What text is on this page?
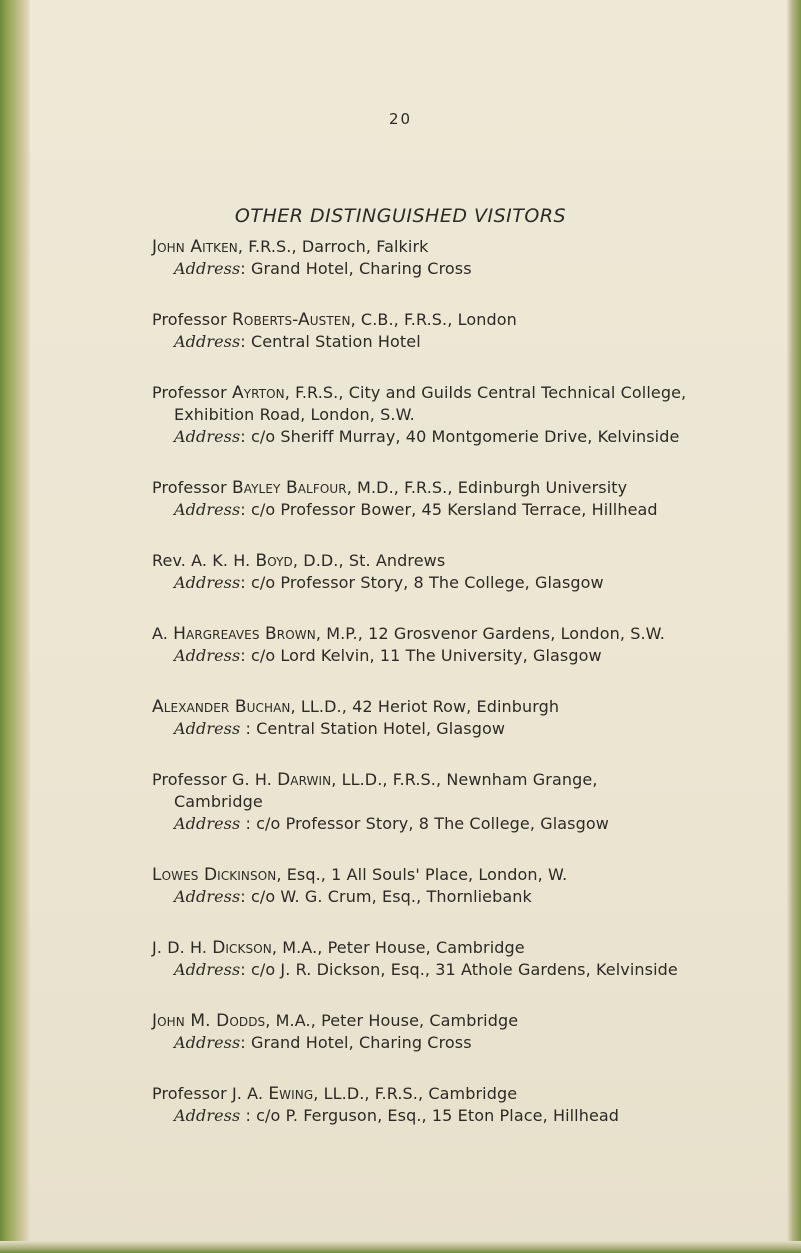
20
OTHER DISTINGUISHED VISITORS
John Aitken, F.R.S., Darroch, Falkirk
Address: Grand Hotel, Charing Cross
Professor Roberts-Austen, C.B., F.R.S., London
Address: Central Station Hotel
Professor Ayrton, F.R.S., City and Guilds Central Technical College,
Exhibition Road, London, S.W.
Address: c/o Sheriff Murray, 40 Montgomerie Drive, Kelvinside
Professor Bayley Balfour, M.D., F.R.S., Edinburgh University
Address: c/o Professor Bower, 45 Kersland Terrace, Hillhead
Rev. A. K. H. Boyd, D.D., St. Andrews
Address: c/o Professor Story, 8 The College, Glasgow
A. Hargreaves Brown, M.P., 12 Grosvenor Gardens, London, S.W.
Address: c/o Lord Kelvin, 11 The University, Glasgow
Alexander Buchan, LL.D., 42 Heriot Row, Edinburgh
Address : Central Station Hotel, Glasgow
Professor G. H. Darwin, LL.D., F.R.S., Newnham Grange,
Cambridge
Address : c/o Professor Story, 8 The College, Glasgow
Lowes Dickinson, Esq., 1 All Souls' Place, London, W.
Address: c/o W. G. Crum, Esq., Thornliebank
J. D. H. Dickson, M.A., Peter House, Cambridge
Address: c/o J. R. Dickson, Esq., 31 Athole Gardens, Kelvinside
John M. Dodds, M.A., Peter House, Cambridge
Address: Grand Hotel, Charing Cross
Professor J. A. Ewing, LL.D., F.R.S., Cambridge
Address : c/o P. Ferguson, Esq., 15 Eton Place, Hillhead
